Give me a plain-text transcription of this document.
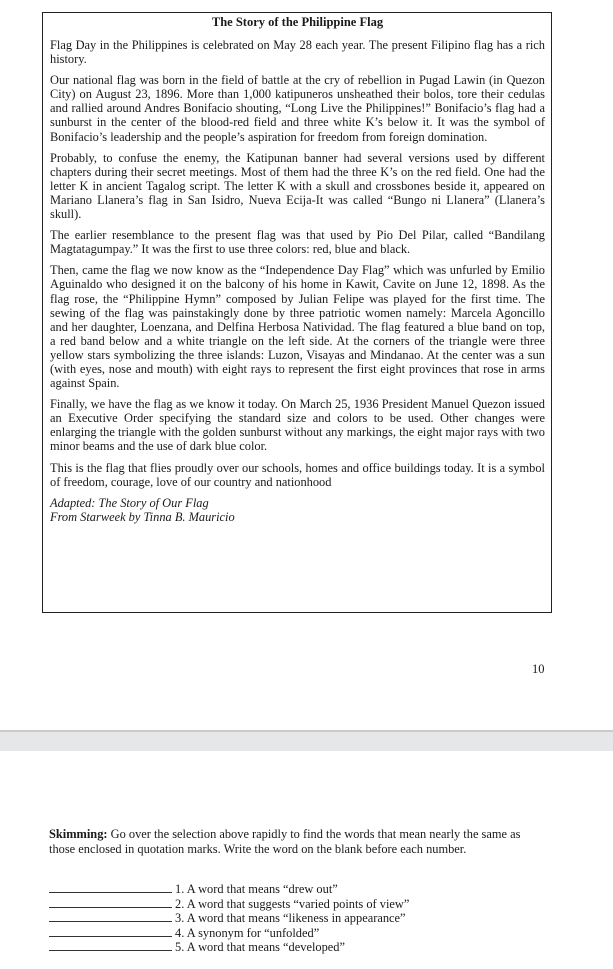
The Story of the Philippine Flag

Flag Day in the Philippines is celebrated on May 28 each year. The present Filipino flag has a rich history.

Our national flag was born in the field of battle at the cry of rebellion in Pugad Lawin (in Quezon City) on August 23, 1896. More than 1,000 katipuneros unsheathed their bolos, tore their cedulas and rallied around Andres Bonifacio shouting, “Long Live the Philippines!” Bonifacio’s flag had a sunburst in the center of the blood-red field and three white K’s below it. It was the symbol of Bonifacio’s leadership and the people’s aspiration for freedom from foreign domination.

Probably, to confuse the enemy, the Katipunan banner had several versions used by different chapters during their secret meetings. Most of them had the three K’s on the red field. One had the letter K in ancient Tagalog script. The letter K with a skull and crossbones beside it, appeared on Mariano Llanera’s flag in San Isidro, Nueva Ecija-It was called “Bungo ni Llanera” (Llanera’s skull).

The earlier resemblance to the present flag was that used by Pio Del Pilar, called “Bandilang Magtatagumpay.” It was the first to use three colors: red, blue and black.

Then, came the flag we now know as the “Independence Day Flag” which was unfurled by Emilio Aguinaldo who designed it on the balcony of his home in Kawit, Cavite on June 12, 1898. As the flag rose, the “Philippine Hymn” composed by Julian Felipe was played for the first time. The sewing of the flag was painstakingly done by three patriotic women namely: Marcela Agoncillo and her daughter, Loenzana, and Delfina Herbosa Natividad. The flag featured a blue band on top, a red band below and a white triangle on the left side. At the corners of the triangle were three yellow stars symbolizing the three islands: Luzon, Visayas and Mindanao. At the center was a sun (with eyes, nose and mouth) with eight rays to represent the first eight provinces that rose in arms against Spain.

Finally, we have the flag as we know it today. On March 25, 1936 President Manuel Quezon issued an Executive Order specifying the standard size and colors to be used. Other changes were enlarging the triangle with the golden sunburst without any markings, the eight major rays with two minor beams and the use of dark blue color.

This is the flag that flies proudly over our schools, homes and office buildings today. It is a symbol of freedom, courage, love of our country and nationhood

Adapted: The Story of Our Flag

From Starweek by Tinna B. Mauricio

10
Skimming: Go over the selection above rapidly to find the words that mean nearly the same as those enclosed in quotation marks. Write the word on the blank before each number.
1. A word that means “drew out”
2. A word that suggests “varied points of view”
3. A word that means “likeness in appearance”
4. A synonym for “unfolded”
5. A word that means “developed”
